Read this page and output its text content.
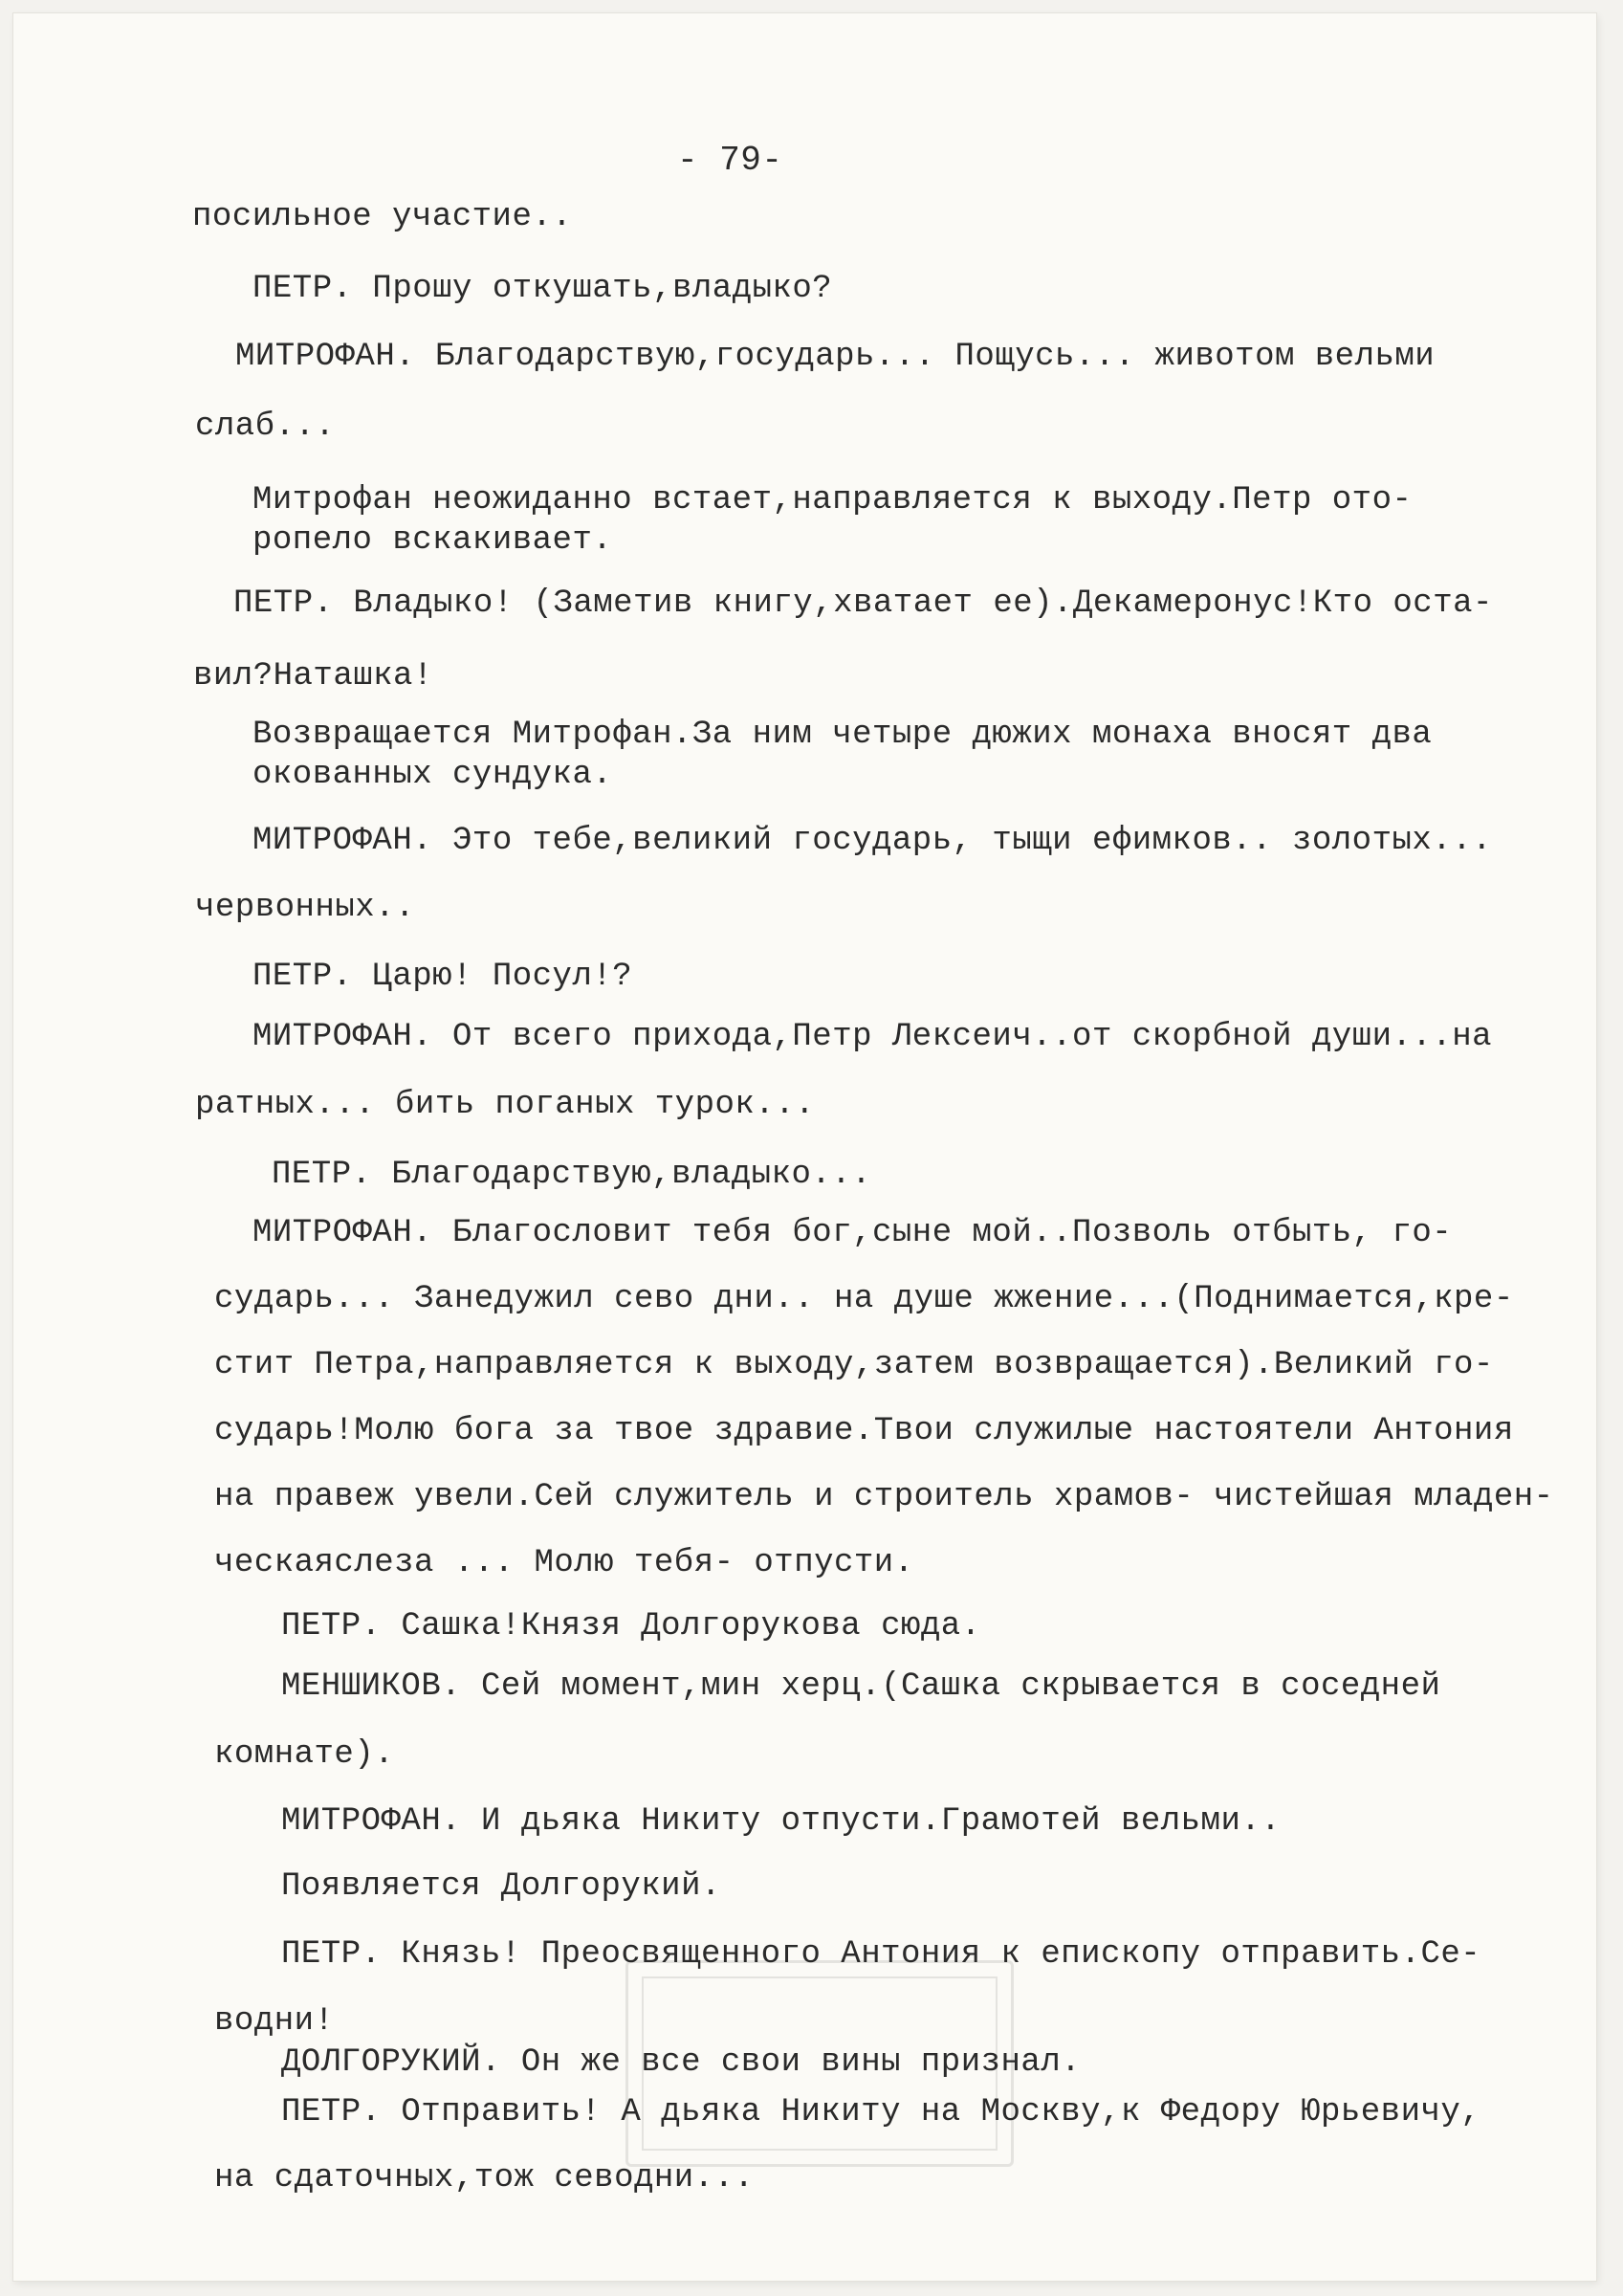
- 79-

посильное участие..

ПЕТР. Прошу откушать,владыко?

МИТРОФАН. Благодарствую,государь... Пощусь... животом вельми

слаб...

Митрофан неожиданно встает,направляется к выходу.Петр ото-

ропело вскакивает.

ПЕТР. Владыко! (Заметив книгу,хватает ее).Декамеронус!Кто оста-

вил?Наташка!

Возвращается Митрофан.За ним четыре дюжих монаха вносят два

окованных сундука.

МИТРОФАН. Это тебе,великий государь, тыщи ефимков.. золотых...

червонных..

ПЕТР. Царю! Посул!?

МИТРОФАН. От всего прихода,Петр Лексеич..от скорбной души...на

ратных... бить поганых турок...

ПЕТР. Благодарствую,владыко...

МИТРОФАН. Благословит тебя бог,сыне мой..Позволь отбыть, го-

сударь... Занедужил сево дни.. на душе жжение...(Поднимается,кре-

стит Петра,направляется к выходу,затем возвращается).Великий го-

сударь!Молю бога за твое здравие.Твои служилые настоятели Антония

на правеж увели.Сей служитель и строитель храмов- чистейшая младен-

ческаяслеза ... Молю тебя- отпусти.

ПЕТР. Сашка!Князя Долгорукова сюда.

МЕНШИКОВ. Сей момент,мин херц.(Сашка скрывается в соседней

комнате).

МИТРОФАН. И дьяка Никиту отпусти.Грамотей вельми..

Появляется Долгорукий.

ПЕТР. Князь! Преосвященного Антония к епископу отправить.Се-

водни!

ДОЛГОРУКИЙ. Он же все свои вины признал.

ПЕТР. Отправить! А дьяка Никиту на Москву,к Федору Юрьевичу,

на сдаточных,тож севодни...
